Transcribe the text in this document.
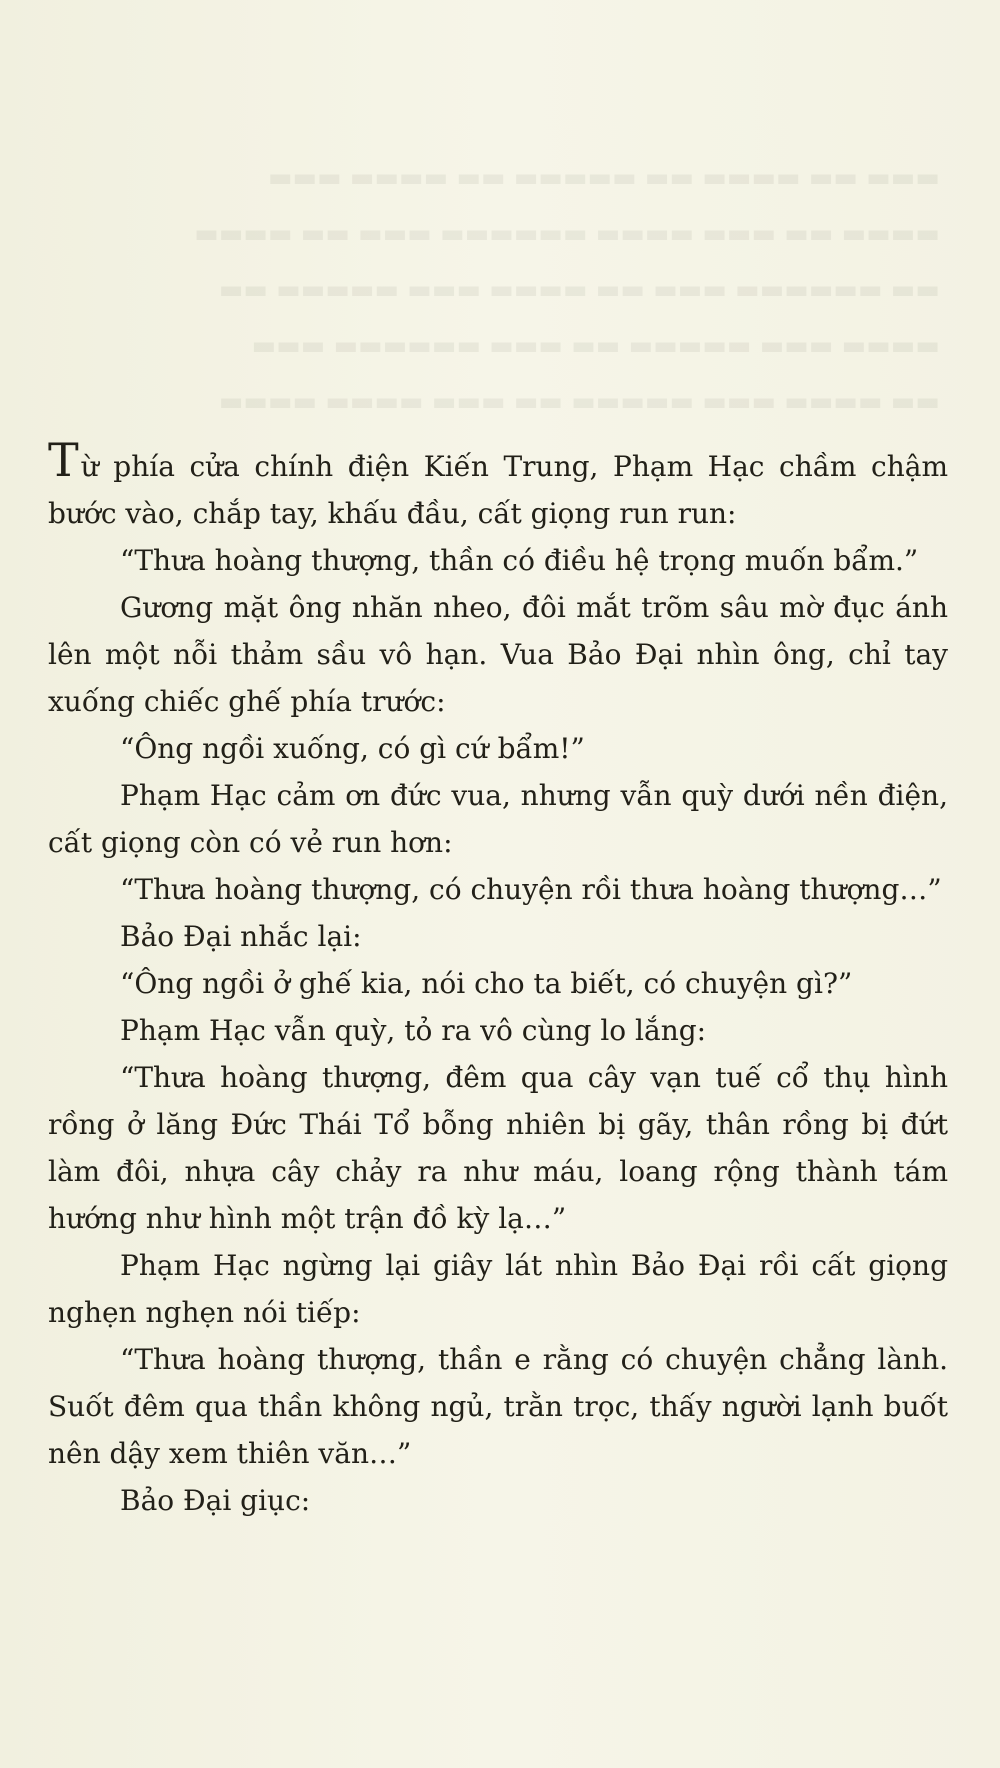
▬▬▬ ▬▬ ▬▬▬▬ ▬▬ ▬▬▬▬▬ ▬▬ ▬▬▬▬ ▬▬▬
▬▬▬▬ ▬▬ ▬▬▬ ▬▬▬▬ ▬▬▬▬▬▬ ▬▬▬ ▬▬ ▬▬▬▬
▬▬ ▬▬▬▬▬▬ ▬▬▬ ▬▬ ▬▬▬▬ ▬▬▬ ▬▬▬▬▬ ▬▬
▬▬▬▬ ▬▬▬ ▬▬▬▬▬ ▬▬ ▬▬▬ ▬▬▬▬▬▬ ▬▬▬
▬▬ ▬▬▬▬ ▬▬▬ ▬▬▬▬▬ ▬▬ ▬▬▬ ▬▬▬▬ ▬▬▬▬

Từ phía cửa chính điện Kiến Trung, Phạm Hạc chầm chậm bước vào, chắp tay, khấu đầu, cất giọng run run:

“Thưa hoàng thượng, thần có điều hệ trọng muốn bẩm.”

Gương mặt ông nhăn nheo, đôi mắt trõm sâu mờ đục ánh lên một nỗi thảm sầu vô hạn. Vua Bảo Đại nhìn ông, chỉ tay xuống chiếc ghế phía trước:

“Ông ngồi xuống, có gì cứ bẩm!”

Phạm Hạc cảm ơn đức vua, nhưng vẫn quỳ dưới nền điện, cất giọng còn có vẻ run hơn:

“Thưa hoàng thượng, có chuyện rồi thưa hoàng thượng…”

Bảo Đại nhắc lại:

“Ông ngồi ở ghế kia, nói cho ta biết, có chuyện gì?”

Phạm Hạc vẫn quỳ, tỏ ra vô cùng lo lắng:

“Thưa hoàng thượng, đêm qua cây vạn tuế cổ thụ hình rồng ở lăng Đức Thái Tổ bỗng nhiên bị gãy, thân rồng bị đứt làm đôi, nhựa cây chảy ra như máu, loang rộng thành tám hướng như hình một trận đồ kỳ lạ…”

Phạm Hạc ngừng lại giây lát nhìn Bảo Đại rồi cất giọng nghẹn nghẹn nói tiếp:

“Thưa hoàng thượng, thần e rằng có chuyện chẳng lành. Suốt đêm qua thần không ngủ, trằn trọc, thấy người lạnh buốt nên dậy xem thiên văn…”

Bảo Đại giục:
